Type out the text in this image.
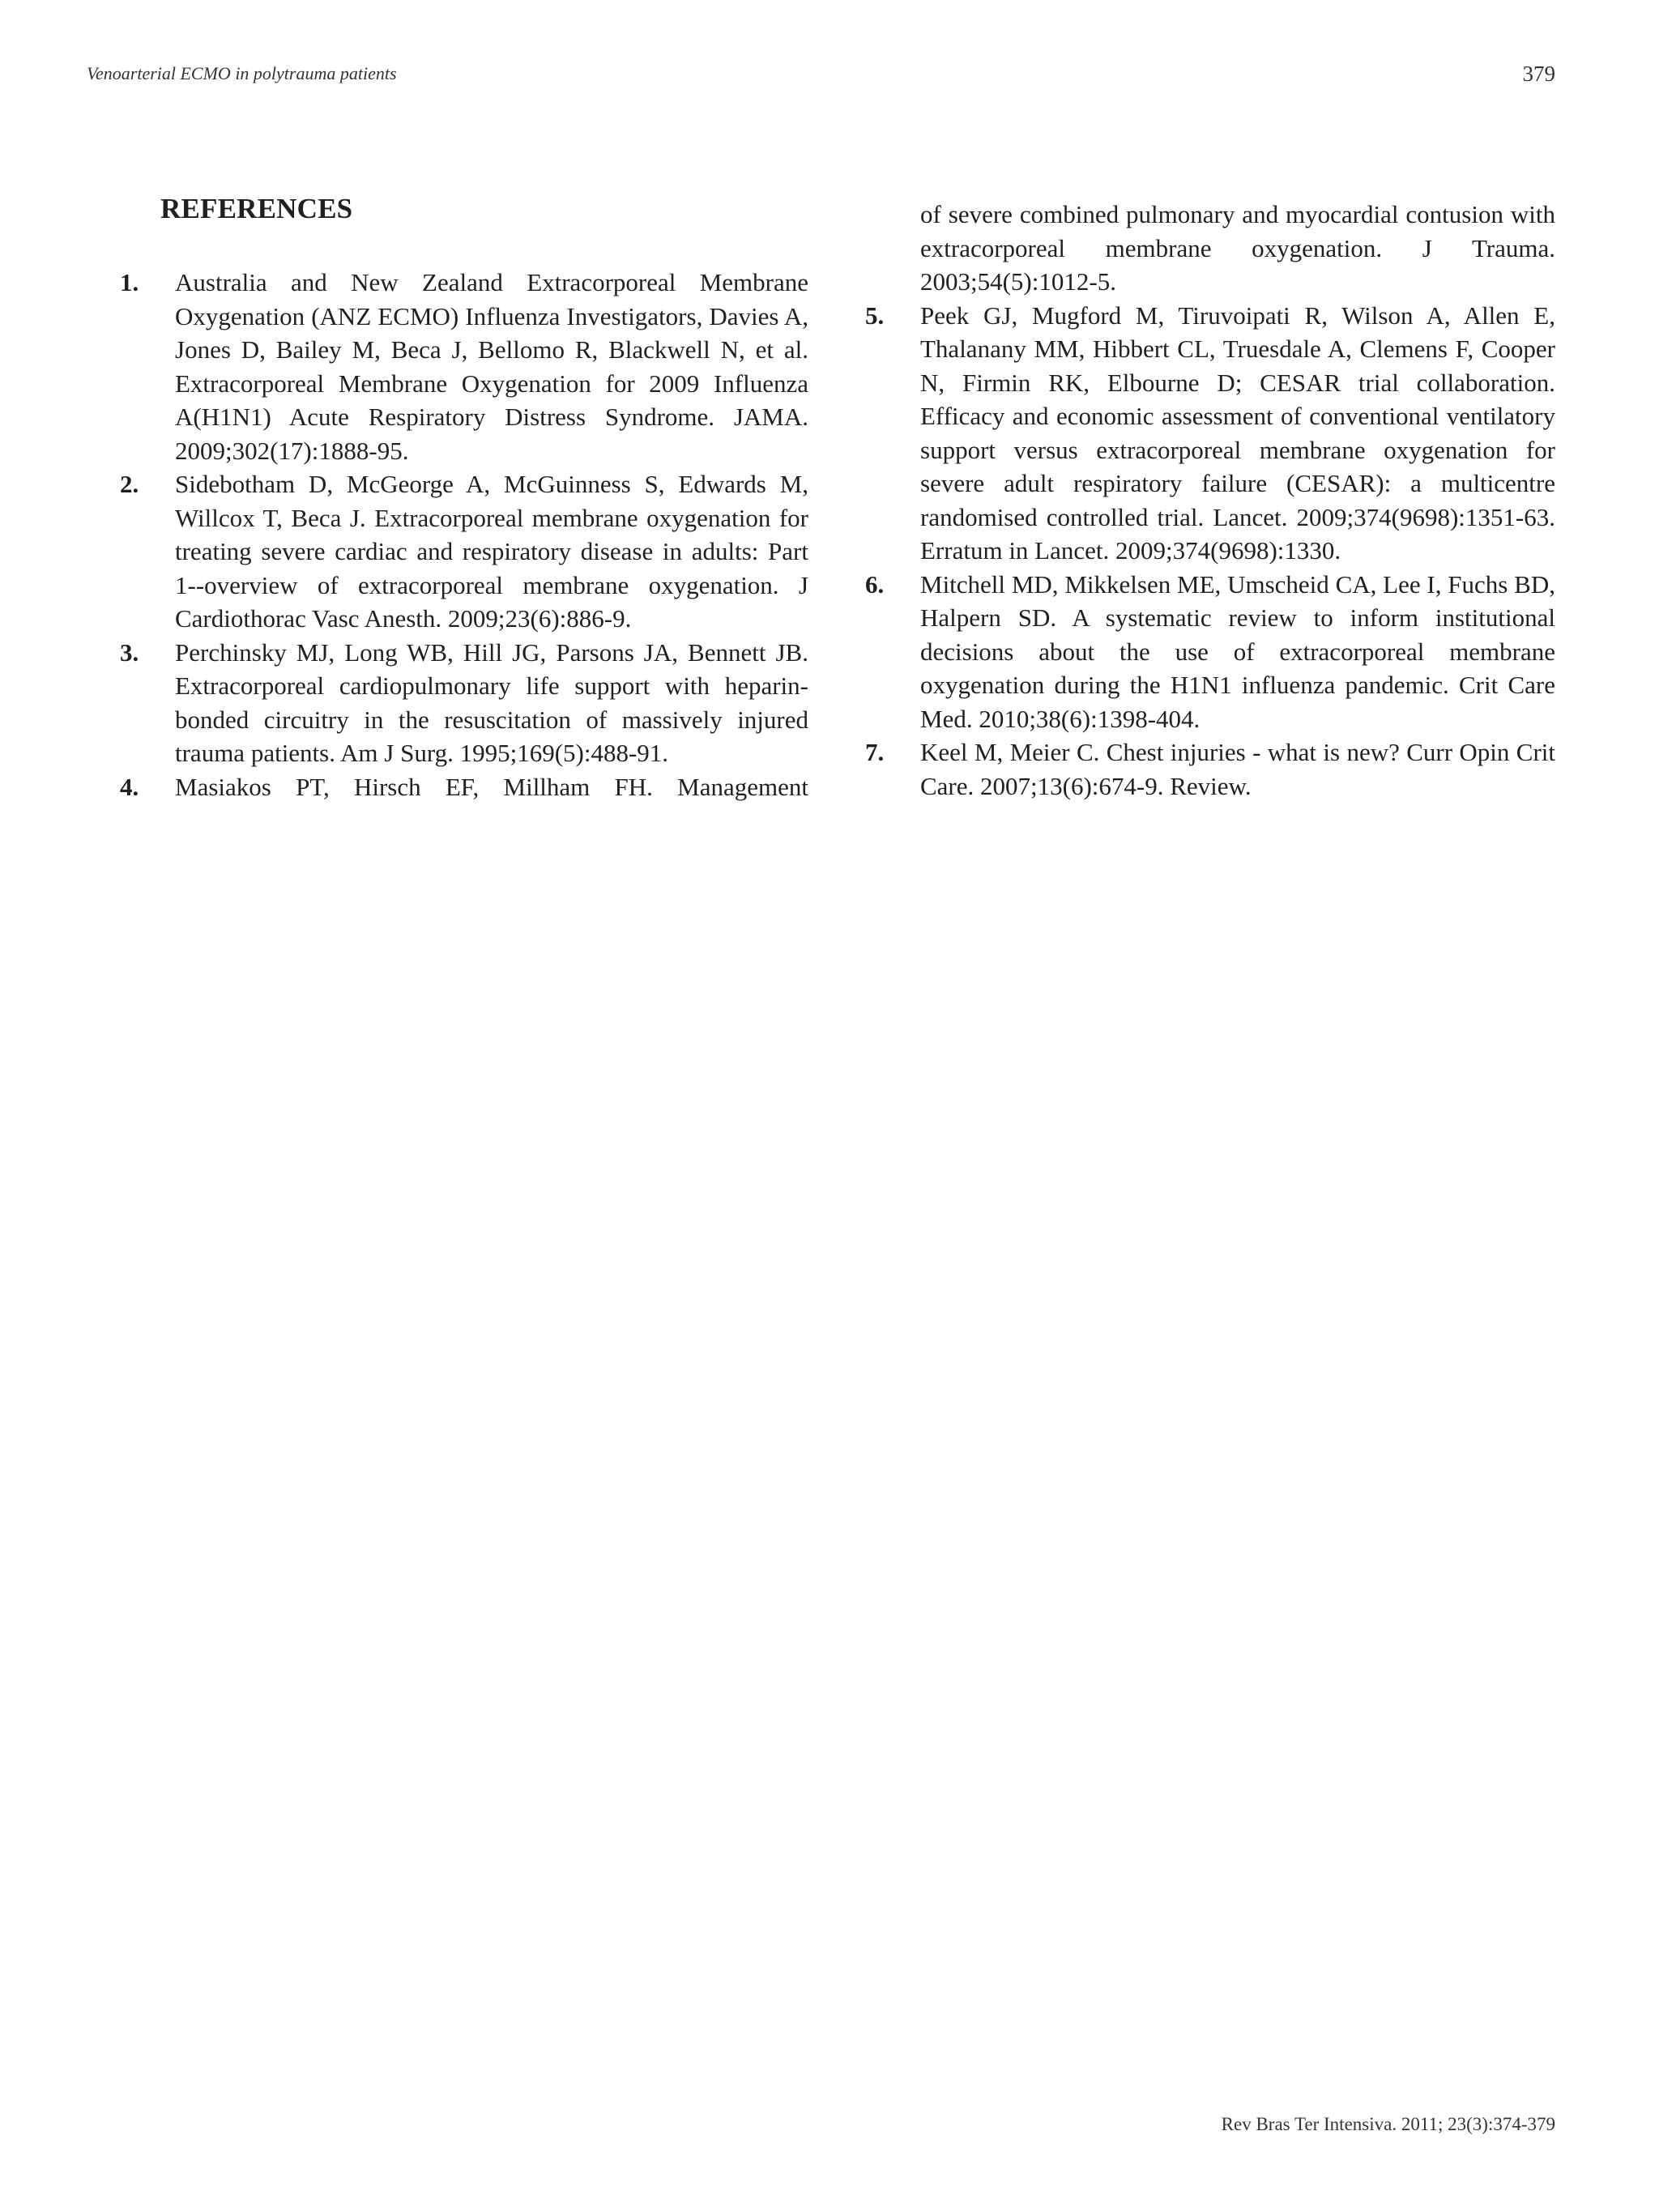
Venoarterial ECMO in polytrauma patients	379
REFERENCES
1. Australia and New Zealand Extracorporeal Membrane Oxygenation (ANZ ECMO) Influenza Investigators, Davies A, Jones D, Bailey M, Beca J, Bellomo R, Blackwell N, et al. Extracorporeal Membrane Oxygenation for 2009 Influenza A(H1N1) Acute Respiratory Distress Syndrome. JAMA. 2009;302(17):1888-95.
2. Sidebotham D, McGeorge A, McGuinness S, Edwards M, Willcox T, Beca J. Extracorporeal membrane oxygenation for treating severe cardiac and respiratory disease in adults: Part 1--overview of extracorporeal membrane oxygenation. J Cardiothorac Vasc Anesth. 2009;23(6):886-9.
3. Perchinsky MJ, Long WB, Hill JG, Parsons JA, Bennett JB. Extracorporeal cardiopulmonary life support with heparin-bonded circuitry in the resuscitation of massively injured trauma patients. Am J Surg. 1995;169(5):488-91.
4. Masiakos PT, Hirsch EF, Millham FH. Management
of severe combined pulmonary and myocardial contusion with extracorporeal membrane oxygenation. J Trauma. 2003;54(5):1012-5.
5. Peek GJ, Mugford M, Tiruvoipati R, Wilson A, Allen E, Thalanany MM, Hibbert CL, Truesdale A, Clemens F, Cooper N, Firmin RK, Elbourne D; CESAR trial collaboration. Efficacy and economic assessment of conventional ventilatory support versus extracorporeal membrane oxygenation for severe adult respiratory failure (CESAR): a multicentre randomised controlled trial. Lancet. 2009;374(9698):1351-63. Erratum in Lancet. 2009;374(9698):1330.
6. Mitchell MD, Mikkelsen ME, Umscheid CA, Lee I, Fuchs BD, Halpern SD. A systematic review to inform institutional decisions about the use of extracorporeal membrane oxygenation during the H1N1 influenza pandemic. Crit Care Med. 2010;38(6):1398-404.
7. Keel M, Meier C. Chest injuries - what is new? Curr Opin Crit Care. 2007;13(6):674-9. Review.
Rev Bras Ter Intensiva. 2011; 23(3):374-379
